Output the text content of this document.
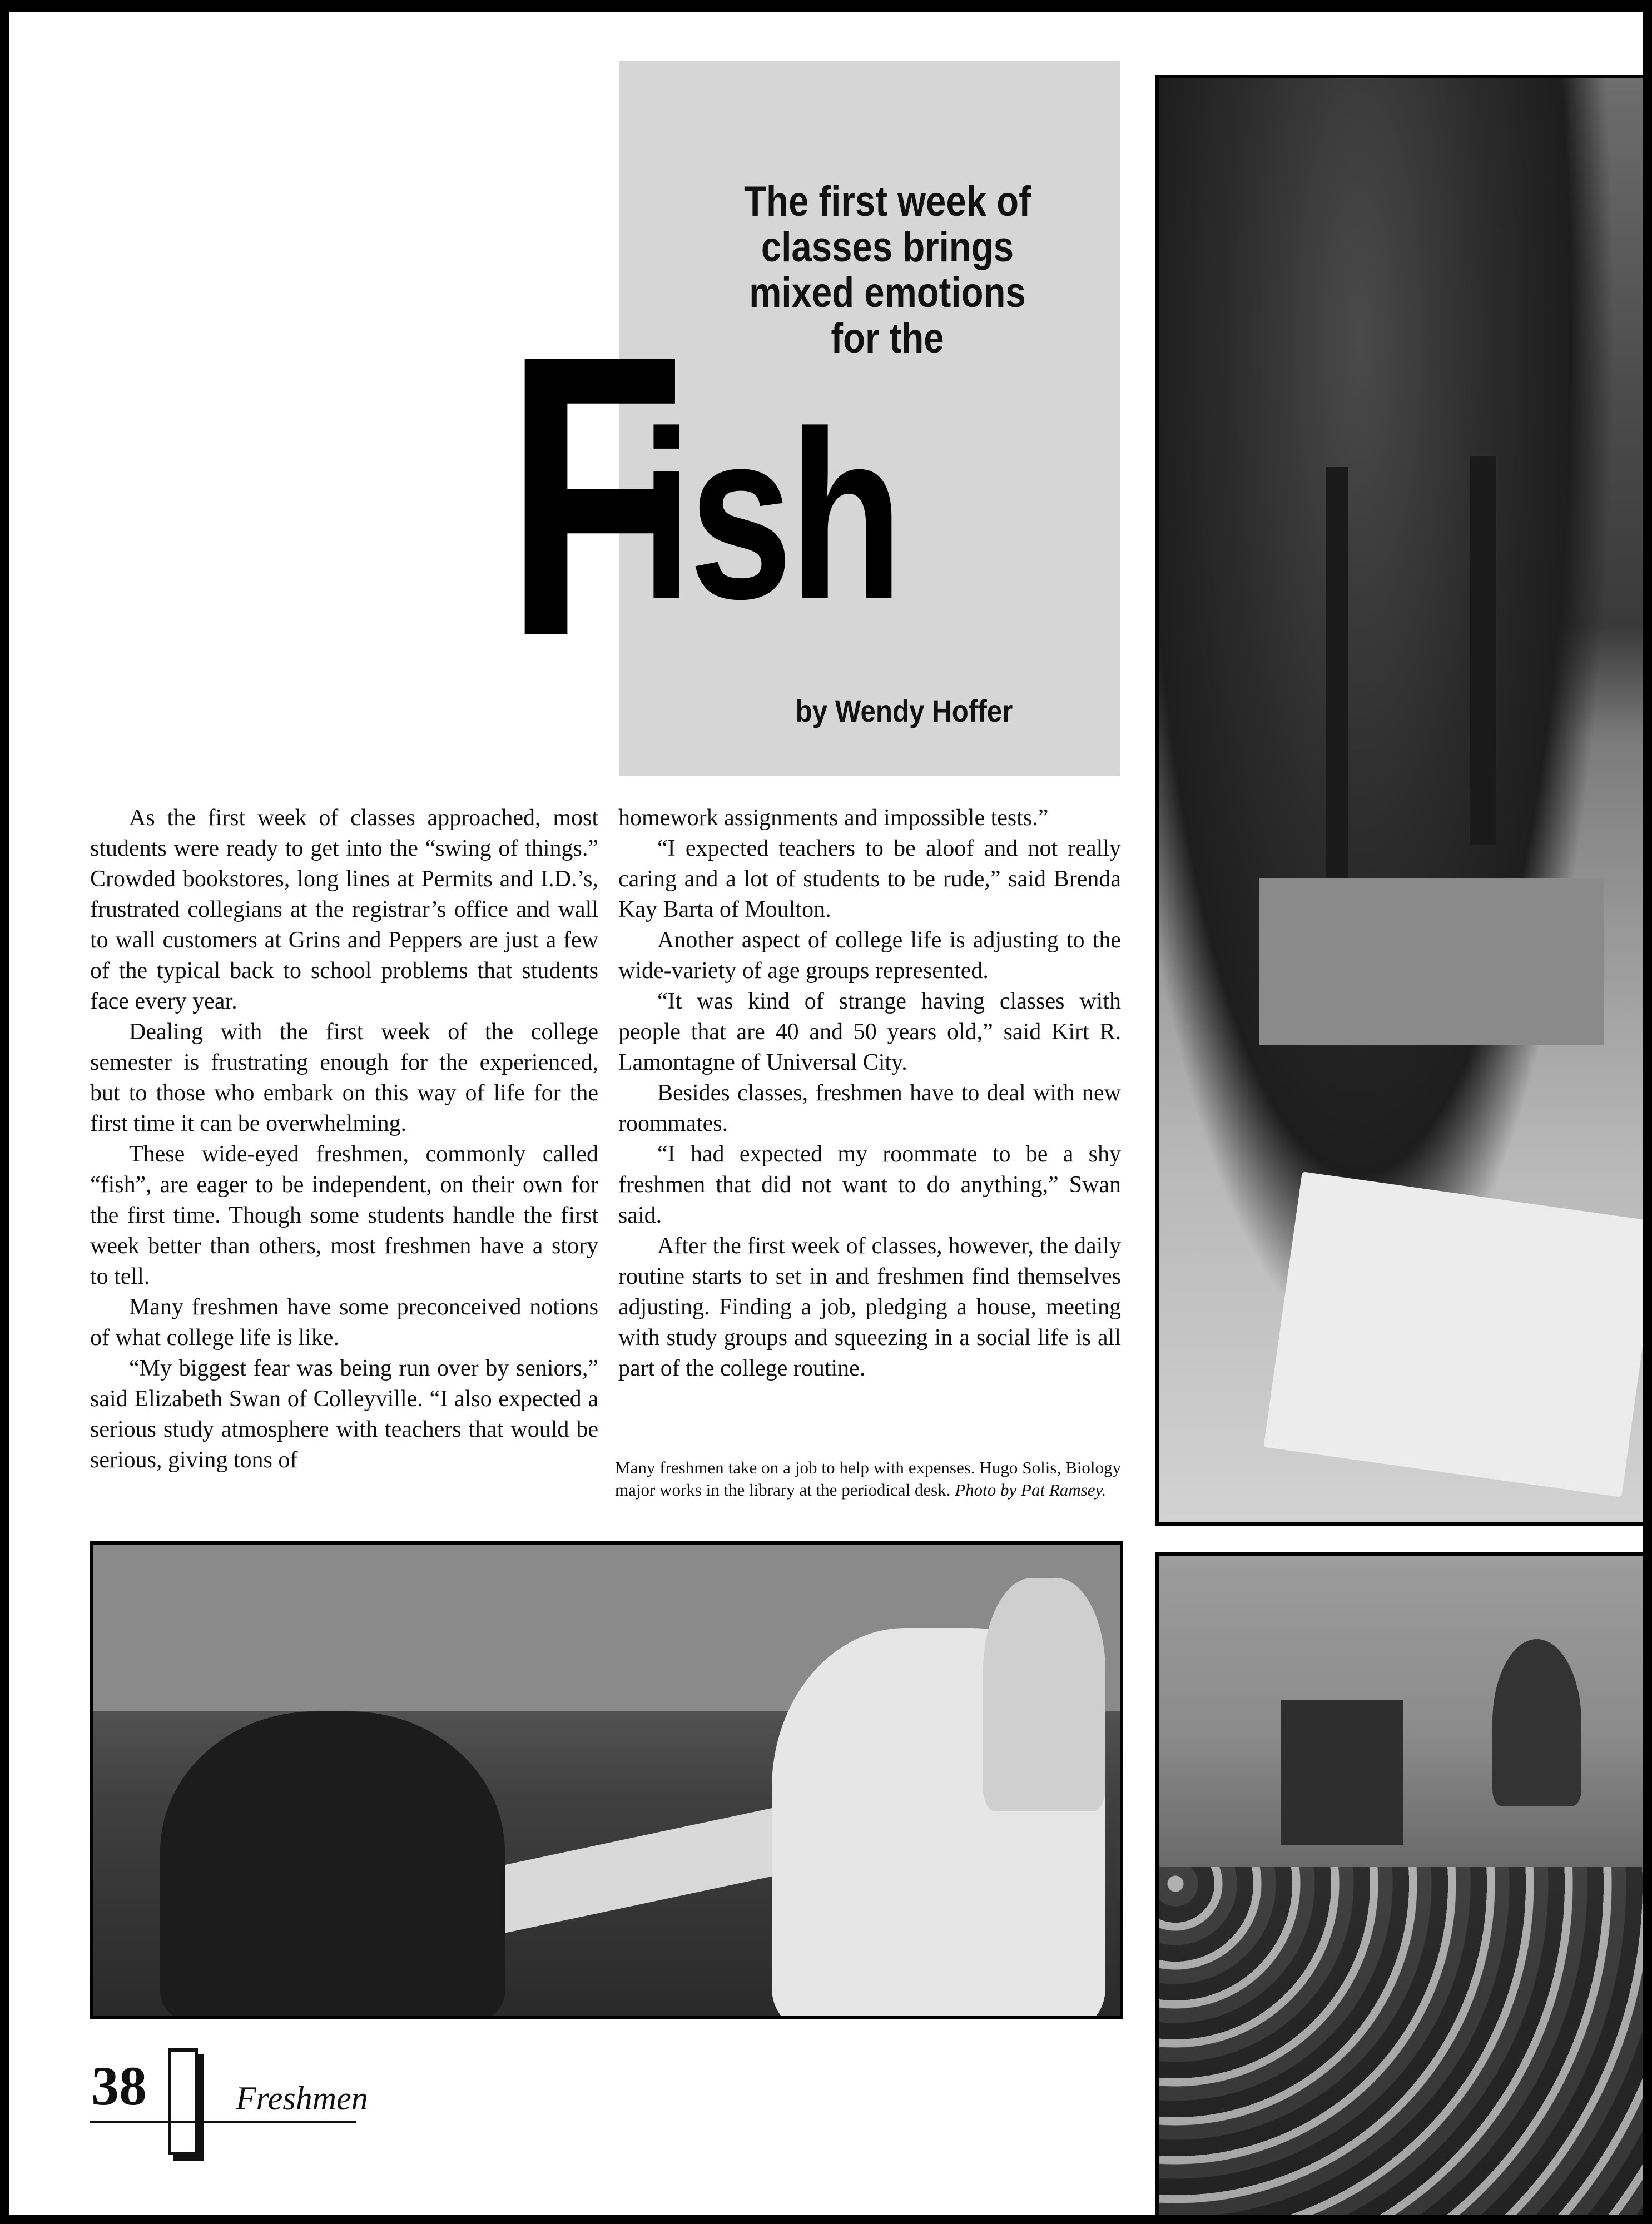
The first week of
classes brings
mixed emotions
for the
F
ish
by Wendy Hoffer

As the first week of classes approached, most students were ready to get into the “swing of things.” Crowded bookstores, long lines at Permits and I.D.’s, frustrated collegians at the registrar’s office and wall to wall customers at Grins and Peppers are just a few of the typical back to school problems that students face every year.

Dealing with the first week of the college semester is frustrating enough for the experienced, but to those who embark on this way of life for the first time it can be overwhelming.

These wide-eyed freshmen, commonly called “fish”, are eager to be independent, on their own for the first time. Though some students handle the first week better than others, most freshmen have a story to tell.

Many freshmen have some preconceived notions of what college life is like.

“My biggest fear was being run over by seniors,” said Elizabeth Swan of Colleyville. “I also expected a serious study atmosphere with teachers that would be serious, giving tons of

homework assignments and impossible tests.”

“I expected teachers to be aloof and not really caring and a lot of students to be rude,” said Brenda Kay Barta of Moulton.

Another aspect of college life is adjusting to the wide-variety of age groups represented.

“It was kind of strange having classes with people that are 40 and 50 years old,” said Kirt R. Lamontagne of Universal City.

Besides classes, freshmen have to deal with new roommates.

“I had expected my roommate to be a shy freshmen that did not want to do anything,” Swan said.

After the first week of classes, however, the daily routine starts to set in and freshmen find themselves adjusting. Finding a job, pledging a house, meeting with study groups and squeezing in a social life is all part of the college routine.

Many freshmen take on a job to help with expenses. Hugo Solis, Biology major works in the library at the periodical desk. Photo by Pat Ramsey.
38	Freshmen
